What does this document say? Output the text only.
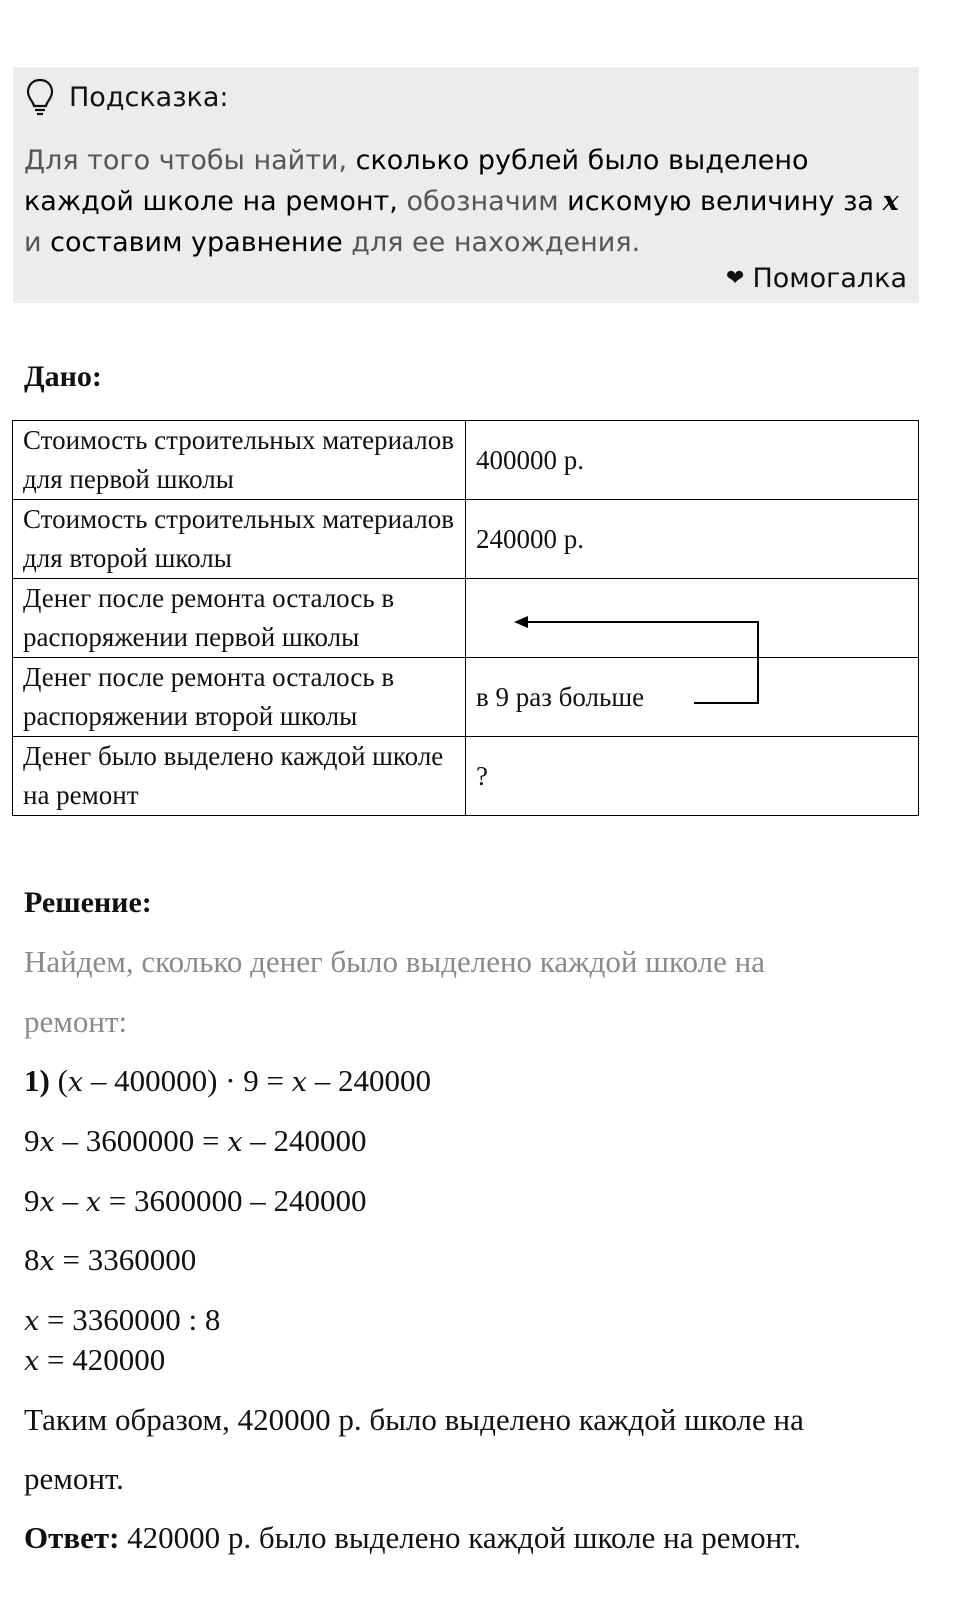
Подсказка:
Для того чтобы найти, сколько рублей было выделено каждой школе на ремонт, обозначим искомую величину за x
и составим уравнение для ее нахождения.
❤ Помогалка
Дано:
Стоимость строительных материалов для первой школы	400000 р.
Стоимость строительных материалов для второй школы	240000 р.
Денег после ремонта осталось в распоряжении первой школы	
Денег после ремонта осталось в распоряжении второй школы	в 9 раз больше
Денег было выделено каждой школе на ремонт	?
Решение:
Найдем, сколько денег было выделено каждой школе на
ремонт:
1) (x – 400000) · 9 = x – 240000
9x – 3600000 = x – 240000
9x – x = 3600000 – 240000
8x = 3360000
x = 3360000 : 8
x = 420000
Таким образом, 420000 р. было выделено каждой школе на
ремонт.
Ответ: 420000 р. было выделено каждой школе на ремонт.
